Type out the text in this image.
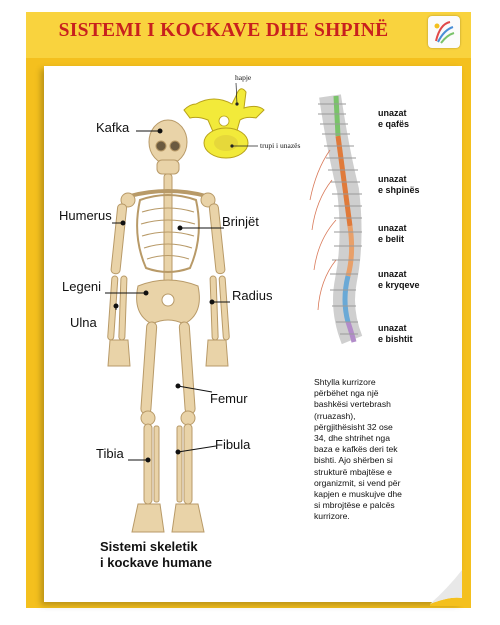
SISTEMI I KOCKAVE DHE SHPINË
hapje
trupi i unazës
Kafka
Humerus	Brinjët
Legeni
Radius
Ulna
Femur
Fibula
Tibia
unazat
e qafës
unazat
e shpinës
unazat
e belit
unazat
e kryqeve
unazat
e bishtit
Shtylla kurrizore
përbëhet nga një
bashkësi vertebrash
(rruazash),
përgjithësisht 32 ose
34, dhe shtrihet nga
baza e kafkës deri tek
bishti. Ajo shërben si
strukturë mbajtëse e
organizmit, si vend për
kapjen e muskujve dhe
si mbrojtëse e palcës
kurrizore.
Sistemi skeletik
i kockave humane
